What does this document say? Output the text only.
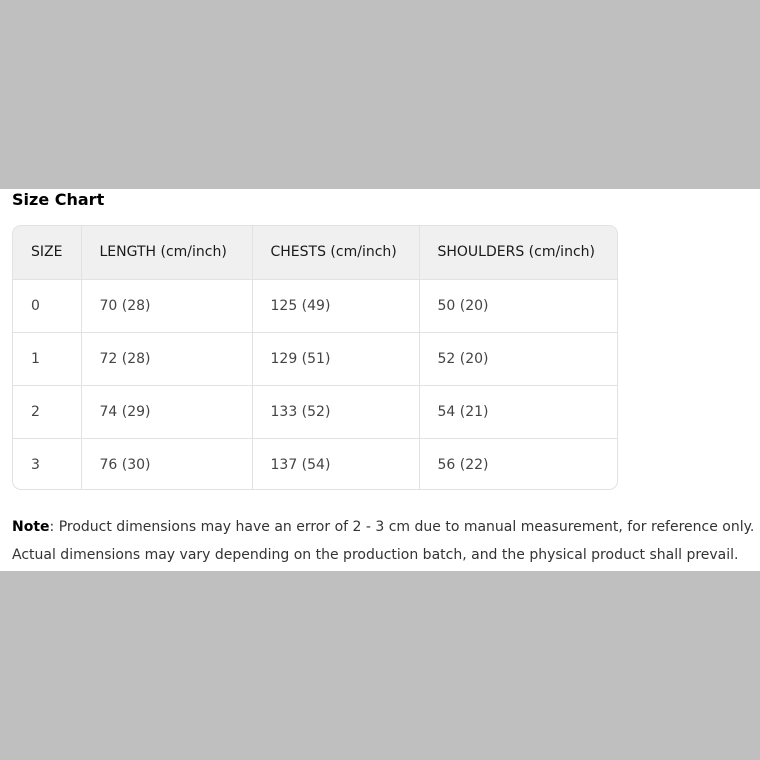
Size Chart
SIZE	LENGTH (cm/inch)	CHESTS (cm/inch)	SHOULDERS (cm/inch)
0	70 (28)	125 (49)	50 (20)
1	72 (28)	129 (51)	52 (20)
2	74 (29)	133 (52)	54 (21)
3	76 (30)	137 (54)	56 (22)
Note: Product dimensions may have an error of 2 - 3 cm due to manual measurement, for reference only.
Actual dimensions may vary depending on the production batch, and the physical product shall prevail.
